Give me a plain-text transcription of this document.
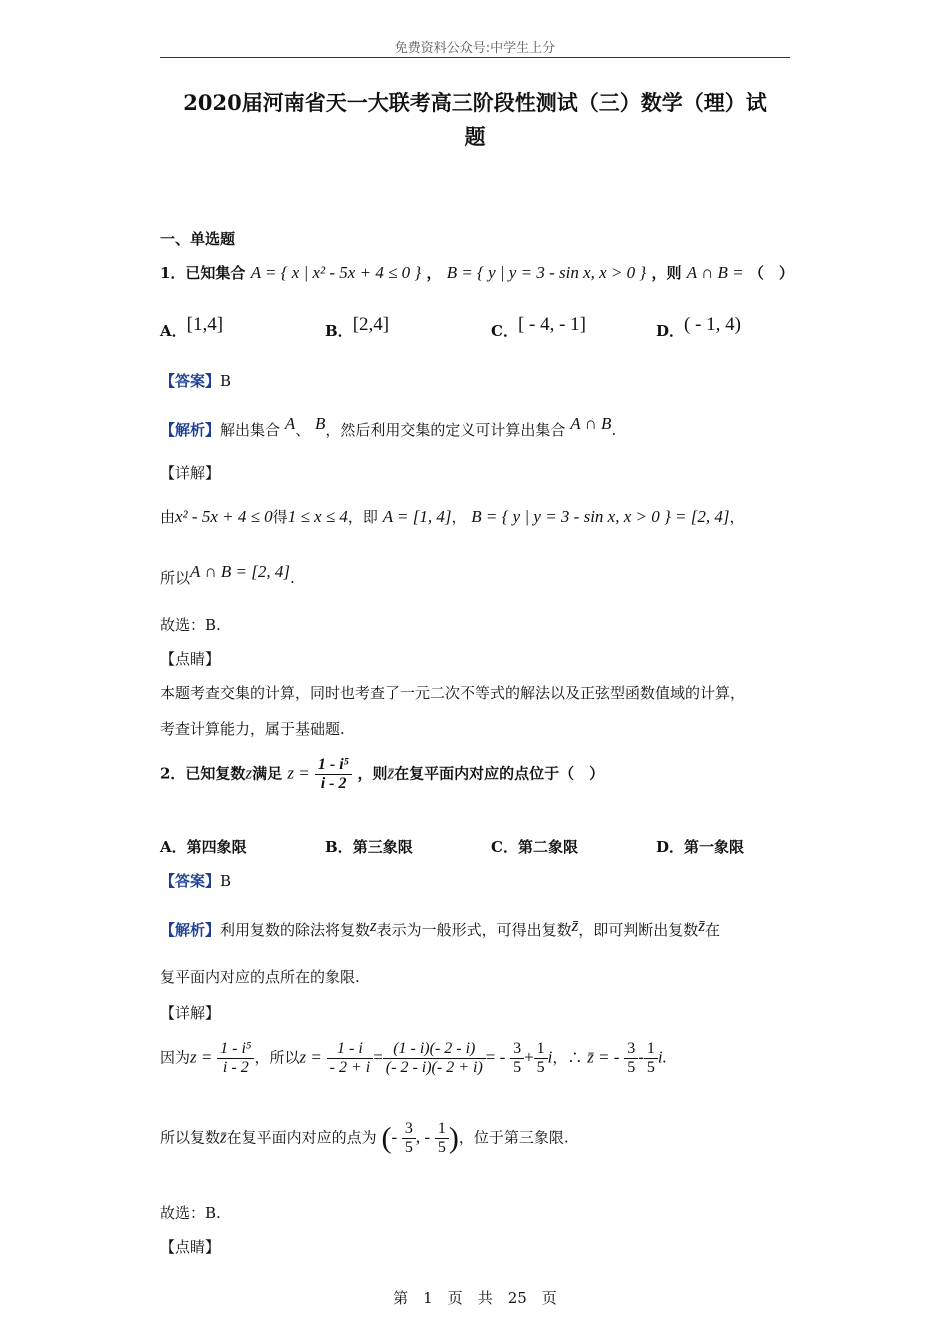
免费资料公众号:中学生上分
2020届河南省天一大联考高三阶段性测试（三）数学（理）试
题
一、单选题
1．已知集合 A = { x | x² - 5x + 4 ≤ 0 } ， B = { y | y = 3 - sin x, x > 0 } ，则 A ∩ B = （　）
A．[1,4]	B．[2,4]	C．[ - 4, - 1]	D．( - 1, 4)
【答案】B
【解析】解出集合 A、 B，然后利用交集的定义可计算出集合 A ∩ B.
【详解】
由x² - 5x + 4 ≤ 0得1 ≤ x ≤ 4，即 A = [1, 4]， B = { y | y = 3 - sin x, x > 0 } = [2, 4]，
所以A ∩ B = [2, 4].
故选：B.
【点睛】
本题考查交集的计算，同时也考查了一元二次不等式的解法以及正弦型函数值域的计算，
考查计算能力，属于基础题.
2．已知复数z满足 $z = \frac{\text{1 - i⁵}}{i - 2}$ ，则z̄在复平面内对应的点位于（　）
A．第四象限	B．第三象限	C．第二象限	D．第一象限
【答案】B
【解析】利用复数的除法将复数z表示为一般形式，可得出复数z̄，即可判断出复数z̄在
复平面内对应的点所在的象限.
【详解】
因为$z = \frac{\text{1 - i⁵}}{i - 2}$ ，所以$z = \frac{1 - i}{- 2 + i} = \frac{(1 - i)(- 2 - i)}{(- 2 - i)(- 2 + i)}$ = - $\frac{3}{5} + \frac{1}{5}$ i，∴ z̄ = - $\frac{3}{5} - \frac{1}{5} i$.
所以复数z̄在复平面内对应的点为 (- $\frac{3}{5}$ , - $\frac{1}{5}$ )，位于第三象限.
故选：B.
【点睛】
第　1　页　共　25　页
